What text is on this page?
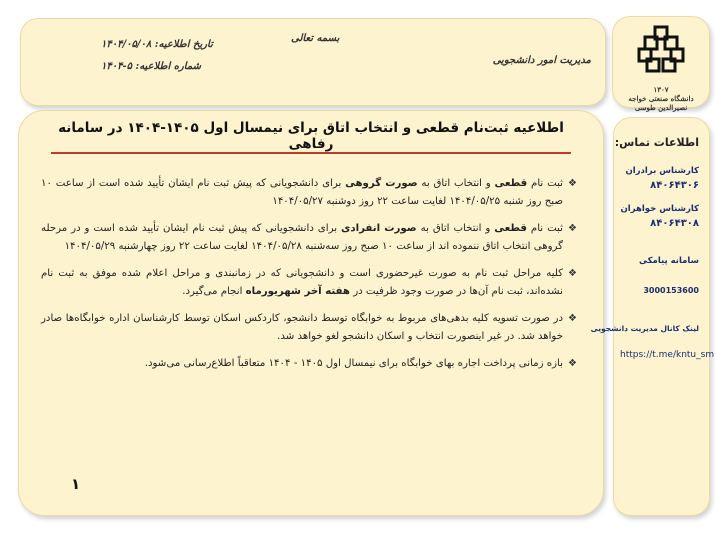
بسمه تعالی
مدیریت امور دانشجویی
تاریخ اطلاعیه: ۱۴۰۴/۰۵/۰۸
شماره اطلاعیه: ۵-۱۴۰۴
۱۳۰۷
دانشگاه صنعتی خواجه نصیرالدین طوسی
اطلاعیه ثبت‌نام قطعی و انتخاب اتاق برای نیمسال اول ۱۴۰۵-۱۴۰۴ در سامانه رفاهی
❖
ثبت نام قطعی و انتخاب اتاق به صورت گروهی برای دانشجویانی که پیش ثبت نام ایشان تأیید شده است از ساعت ۱۰ صبح روز شنبه ۱۴۰۴/۰۵/۲۵ لغایت ساعت ۲۲ روز دوشنبه ۱۴۰۴/۰۵/۲۷
❖
ثبت نام قطعی و انتخاب اتاق به صورت انفرادی برای دانشجویانی که پیش ثبت نام ایشان تأیید شده است و در مرحله گروهی انتخاب اتاق ننموده اند از ساعت ۱۰ صبح روز سه‌شنبه ۱۴۰۴/۰۵/۲۸ لغایت ساعت ۲۲ روز چهارشنبه ۱۴۰۴/۰۵/۲۹
❖
کلیه مراحل ثبت نام به صورت غیرحضوری است و دانشجویانی که در زمانبندی و مراحل اعلام شده موفق به ثبت نام نشده‌اند، ثبت نام آن‌ها در صورت وجود ظرفیت در هفته آخر شهریورماه انجام می‌گیرد.
❖
در صورت تسویه کلیه بدهی‌های مربوط به خوابگاه توسط دانشجو، کاردکس اسکان توسط کارشناسان اداره خوابگاه‌ها صادر خواهد شد. در غیر اینصورت انتخاب و اسکان دانشجو لغو خواهد شد.
❖
بازه زمانی پرداخت اجاره بهای خوابگاه برای نیمسال اول ۱۴۰۵ - ۱۴۰۴ متعاقباً اطلاع‌رسانی می‌شود.
۱
اطلاعات تماس:
کارشناس برادران
۸۴۰۶۴۳۰۶
کارشناس خواهران
۸۴۰۶۴۳۰۸
سامانه پیامکی
3000153600
لینک کانال مدیریت دانشجویی
https://t.me/kntu_sm
